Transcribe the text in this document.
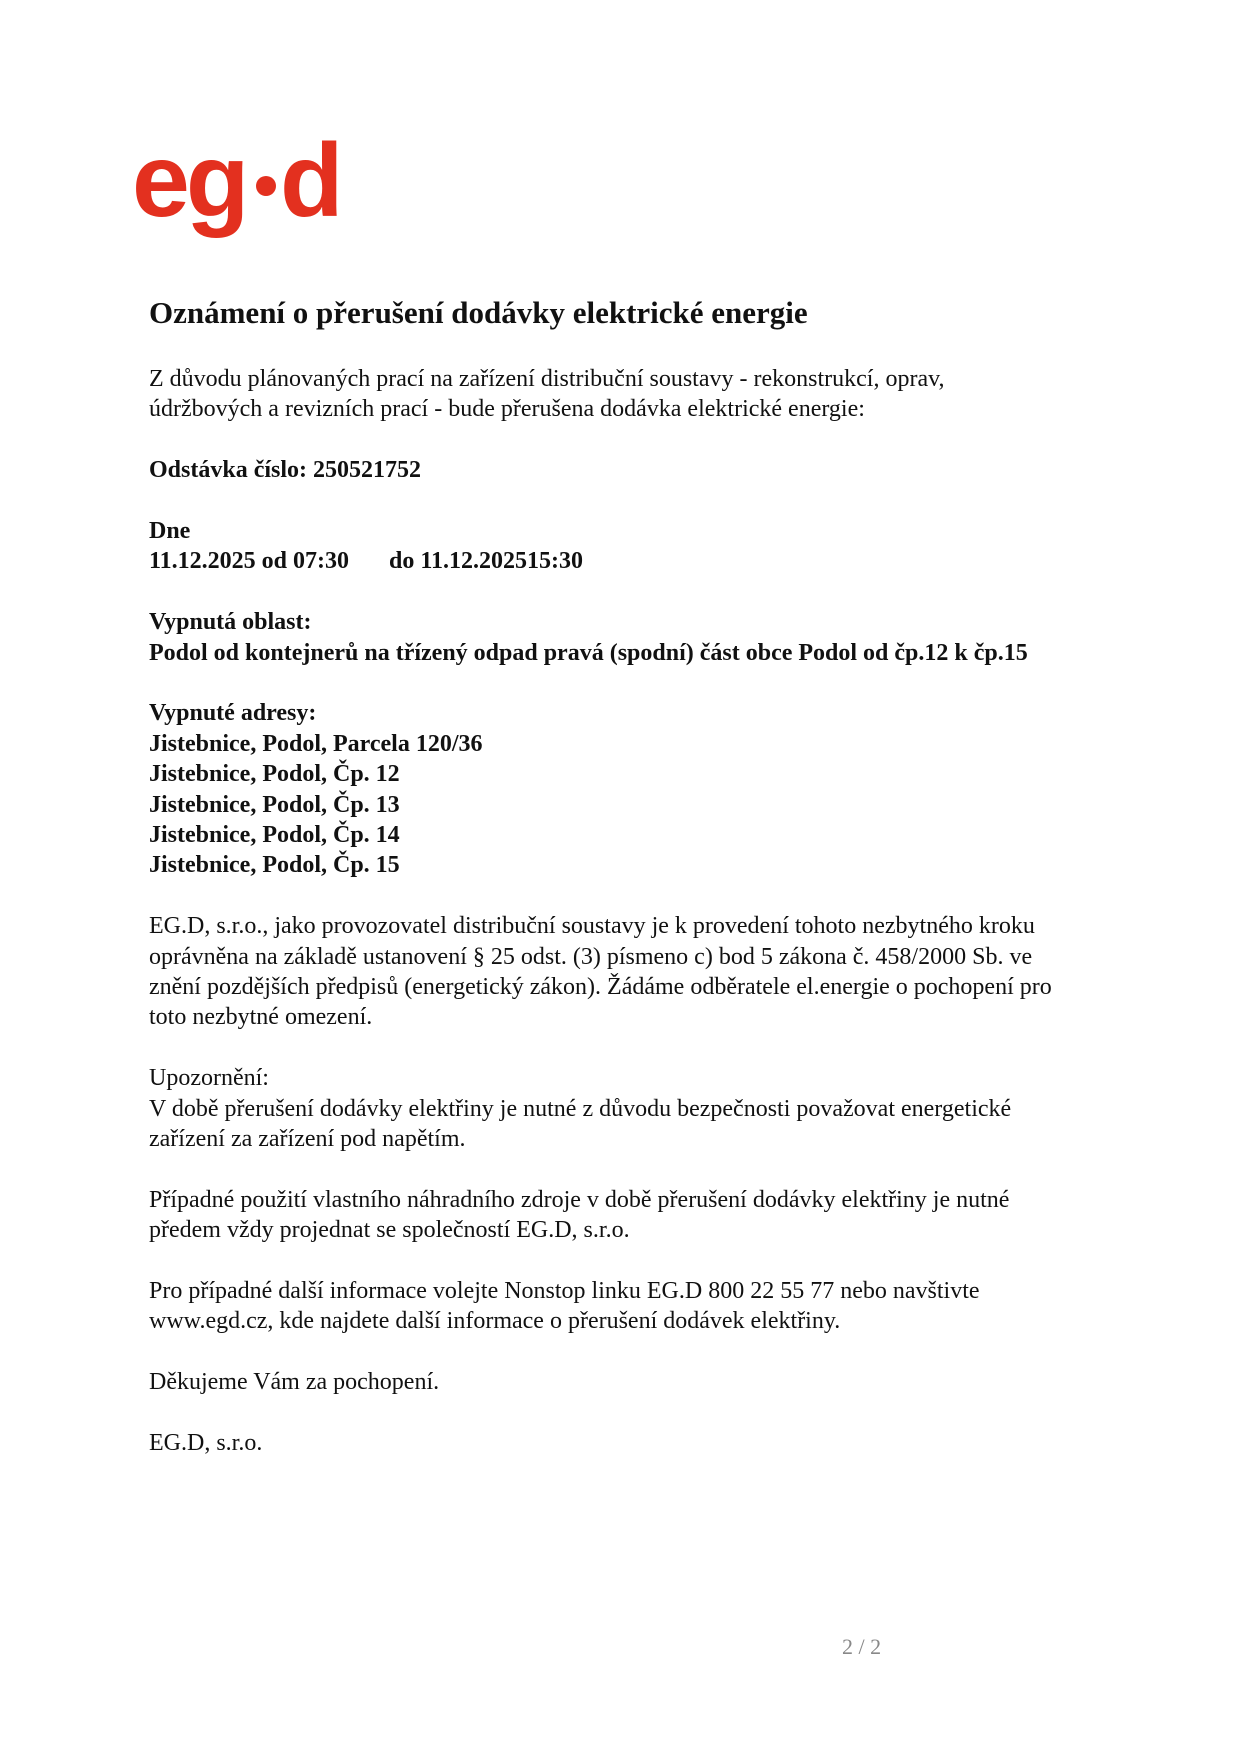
eg d
Oznámení o přerušení dodávky elektrické energie

Z důvodu plánovaných prací na zařízení distribuční soustavy - rekonstrukcí, oprav,
údržbových a revizních prací - bude přerušena dodávka elektrické energie:

Odstávka číslo: 250521752

Dne
11.12.2025 od 07:30 do 11.12.202515:30

Vypnutá oblast:
Podol od kontejnerů na třízený odpad pravá (spodní) část obce Podol od čp.12 k čp.15

Vypnuté adresy:
Jistebnice, Podol, Parcela 120/36
Jistebnice, Podol, Čp. 12
Jistebnice, Podol, Čp. 13
Jistebnice, Podol, Čp. 14
Jistebnice, Podol, Čp. 15

EG.D, s.r.o., jako provozovatel distribuční soustavy je k provedení tohoto nezbytného kroku
oprávněna na základě ustanovení § 25 odst. (3) písmeno c) bod 5 zákona č. 458/2000 Sb. ve
znění pozdějších předpisů (energetický zákon). Žádáme odběratele el.energie o pochopení pro
toto nezbytné omezení.

Upozornění:
V době přerušení dodávky elektřiny je nutné z důvodu bezpečnosti považovat energetické
zařízení za zařízení pod napětím.

Případné použití vlastního náhradního zdroje v době přerušení dodávky elektřiny je nutné
předem vždy projednat se společností EG.D, s.r.o.

Pro případné další informace volejte Nonstop linku EG.D 800 22 55 77 nebo navštivte
www.egd.cz, kde najdete další informace o přerušení dodávek elektřiny.

Děkujeme Vám za pochopení.

EG.D, s.r.o.

2 / 2
